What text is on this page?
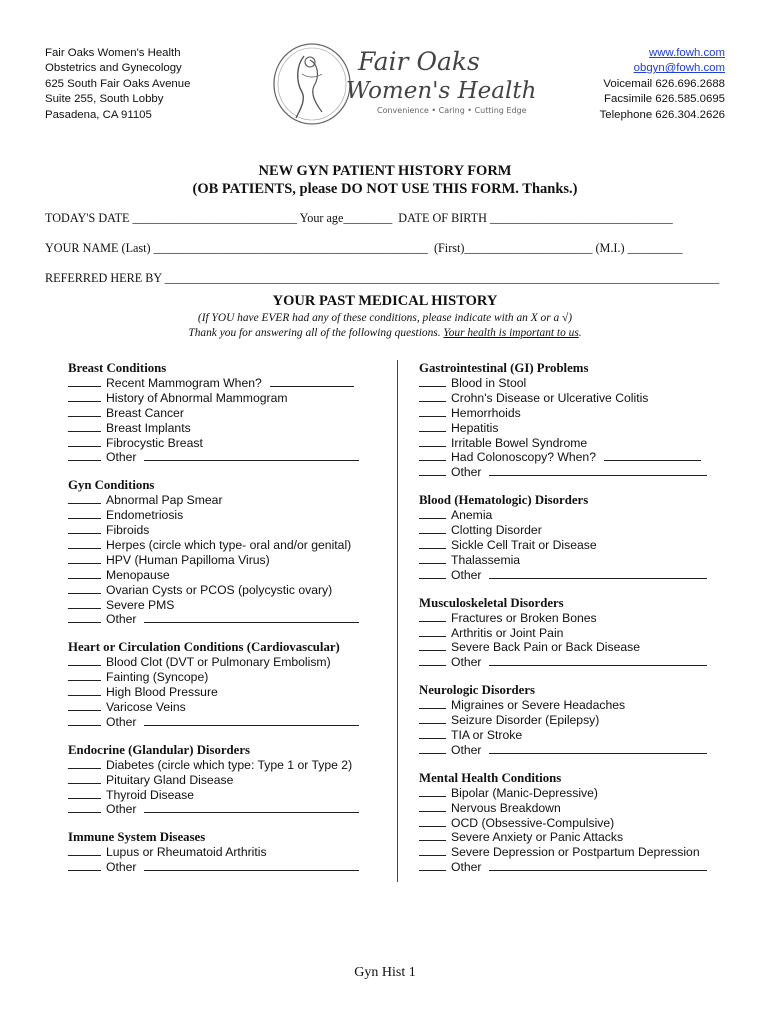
Fair Oaks Women's Health
Obstetrics and Gynecology
625 South Fair Oaks Avenue
Suite 255, South Lobby
Pasadena, CA 91105
Fair Oaks
Women's Health
Convenience • Caring • Cutting Edge
www.fowh.com
obgyn@fowh.com
Voicemail 626.696.2688
Facsimile 626.585.0695
Telephone 626.304.2626
NEW GYN PATIENT HISTORY FORM
(OB PATIENTS, please DO NOT USE THIS FORM. Thanks.)
TODAY'S DATE ___________________________ Your age________  DATE OF BIRTH ______________________________
YOUR NAME (Last) _____________________________________________  (First)_____________________ (M.I.) _________
REFERRED HERE BY ___________________________________________________________________________________________
YOUR PAST MEDICAL HISTORY
(If YOU have EVER had any of these conditions, please indicate with an X or a √)
Thank you for answering all of the following questions. Your health is important to us.
Breast Conditions
Recent Mammogram When?
History of Abnormal Mammogram
Breast Cancer
Breast Implants
Fibrocystic Breast
Other
Gyn Conditions
Abnormal Pap Smear
Endometriosis
Fibroids
Herpes (circle which type- oral and/or genital)
HPV (Human Papilloma Virus)
Menopause
Ovarian Cysts or PCOS (polycystic ovary)
Severe PMS
Other
Heart or Circulation Conditions (Cardiovascular)
Blood Clot (DVT or Pulmonary Embolism)
Fainting (Syncope)
High Blood Pressure
Varicose Veins
Other
Endocrine (Glandular) Disorders
Diabetes (circle which type: Type 1 or Type 2)
Pituitary Gland Disease
Thyroid Disease
Other
Immune System Diseases
Lupus or Rheumatoid Arthritis
Other
Gastrointestinal (GI) Problems
Blood in Stool
Crohn's Disease or Ulcerative Colitis
Hemorrhoids
Hepatitis
Irritable Bowel Syndrome
Had Colonoscopy? When?
Other
Blood (Hematologic) Disorders
Anemia
Clotting Disorder
Sickle Cell Trait or Disease
Thalassemia
Other
Musculoskeletal Disorders
Fractures or Broken Bones
Arthritis or Joint Pain
Severe Back Pain or Back Disease
Other
Neurologic Disorders
Migraines or Severe Headaches
Seizure Disorder (Epilepsy)
TIA or Stroke
Other
Mental Health Conditions
Bipolar (Manic-Depressive)
Nervous Breakdown
OCD (Obsessive-Compulsive)
Severe Anxiety or Panic Attacks
Severe Depression or Postpartum Depression
Other
Gyn Hist 1
